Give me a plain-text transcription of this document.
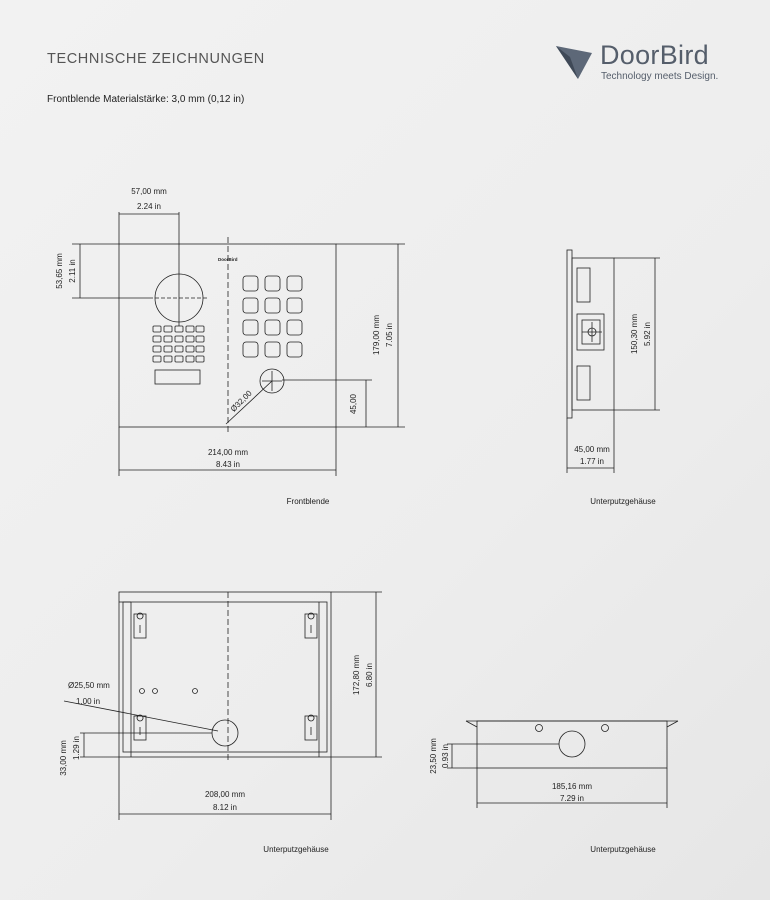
TECHNISCHE ZEICHNUNGEN
Frontblende Materialstärke: 3,0 mm (0,12 in)
DoorBird
Technology meets Design.
DoorBird
57,00 mm
2.24 in
53,65 mm 2.11 in
179,00 mm 7.05 in
45,00
Ø32,00
214,00 mm
8.43 in
Frontblende
150,30 mm 5.92 in
45,00 mm
1.77 in
Unterputzgehäuse
172,80 mm 6.80 in
Ø25,50 mm
1.00 in
33,00 mm 1.29 in
208,00 mm
8.12 in
Unterputzgehäuse
23,50 mm 0.93 in
185,16 mm
7.29 in
Unterputzgehäuse
